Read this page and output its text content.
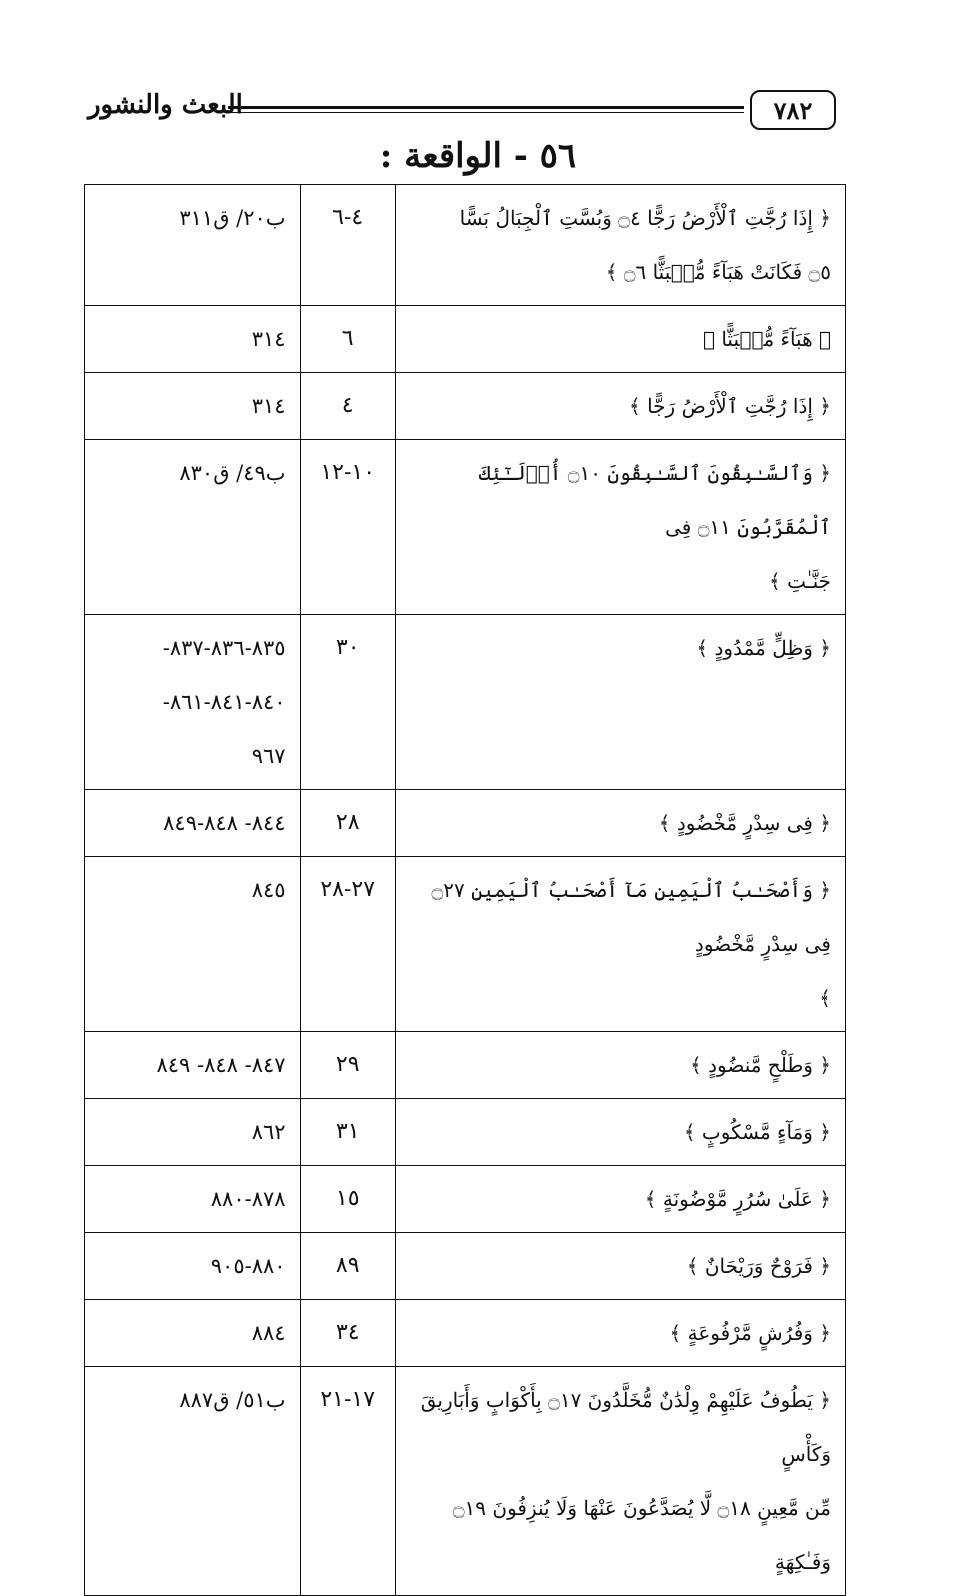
٧٨٢
البعث والنشور
٥٦ - الواقعة :
﴿ إِذَا رُجَّتِ ٱلْأَرْضُ رَجًّا ۝٤ وَبُسَّتِ ٱلْجِبَالُ بَسًّا
۝٥ فَكَانَتْ هَبَآءً مُّنۢبَثًّا ۝٦ ﴾	٤-٦	ب٢٠/ ق٣١١

﴿ هَبَآءً مُّنۢبَثًّا ﴾	٦	٣١٤

﴿ إِذَا رُجَّتِ ٱلْأَرْضُ رَجًّا ﴾	٤	٣١٤

﴿ وَٱلسَّـٰبِقُونَ ٱلسَّـٰبِقُونَ ۝١٠ أُو۟لَـٰٓئِكَ ٱلْمُقَرَّبُونَ ۝١١ فِى
جَنَّـٰتِ ﴾	١٠-١٢	ب٤٩/ ق٨٣٠

﴿ وَظِلٍّ مَّمْدُودٍ ﴾	٣٠	٨٣٥-٨٣٦-٨٣٧-
٨٤٠-٨٤١-٨٦١-
٩٦٧

﴿ فِى سِدْرٍ مَّخْضُودٍ ﴾	٢٨	٨٤٤- ٨٤٨-٨٤٩

﴿ وَأَصْحَـٰبُ ٱلْيَمِينِ مَآ أَصْحَـٰبُ ٱلْيَمِينِ ۝٢٧ فِى سِدْرٍ مَّخْضُودٍ
﴾	٢٧-٢٨	٨٤٥

﴿ وَطَلْحٍ مَّنضُودٍ ﴾	٢٩	٨٤٧- ٨٤٨- ٨٤٩

﴿ وَمَآءٍ مَّسْكُوبٍ ﴾	٣١	٨٦٢

﴿ عَلَىٰ سُرُرٍ مَّوْضُونَةٍ ﴾	١٥	٨٧٨-٨٨٠

﴿ فَرَوْحٌ وَرَيْحَانٌ ﴾	٨٩	٨٨٠-٩٠٥

﴿ وَفُرُشٍ مَّرْفُوعَةٍ ﴾	٣٤	٨٨٤

﴿ يَطُوفُ عَلَيْهِمْ وِلْدَٰنٌ مُّخَلَّدُونَ ۝١٧ بِأَكْوَابٍ وَأَبَارِيقَ وَكَأْسٍ
مِّن مَّعِينٍ ۝١٨ لَّا يُصَدَّعُونَ عَنْهَا وَلَا يُنزِفُونَ ۝١٩ وَفَـٰكِهَةٍ	١٧-٢١	ب٥١/ ق٨٨٧
